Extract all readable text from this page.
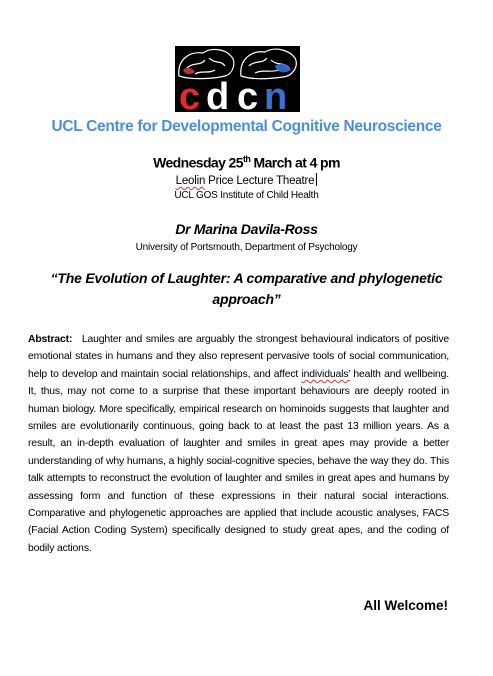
c d c n
UCL Centre for Developmental Cognitive Neuroscience
Wednesday 25th March at 4 pm
Leolin Price Lecture Theatre
UCL GOS Institute of Child Health
Dr Marina Davila-Ross
University of Portsmouth, Department of Psychology
“The Evolution of Laughter: A comparative and phylogenetic approach”
Abstract: Laughter and smiles are arguably the strongest behavioural indicators of positive emotional states in humans and they also represent pervasive tools of social communication, help to develop and maintain social relationships, and affect individuals’ health and wellbeing. It, thus, may not come to a surprise that these important behaviours are deeply rooted in human biology. More specifically, empirical research on hominoids suggests that laughter and smiles are evolutionarily continuous, going back to at least the past 13 million years. As a result, an in-depth evaluation of laughter and smiles in great apes may provide a better understanding of why humans, a highly social-cognitive species, behave the way they do. This talk attempts to reconstruct the evolution of laughter and smiles in great apes and humans by assessing form and function of these expressions in their natural social interactions. Comparative and phylogenetic approaches are applied that include acoustic analyses, FACS (Facial Action Coding System) specifically designed to study great apes, and the coding of bodily actions.
All Welcome!
